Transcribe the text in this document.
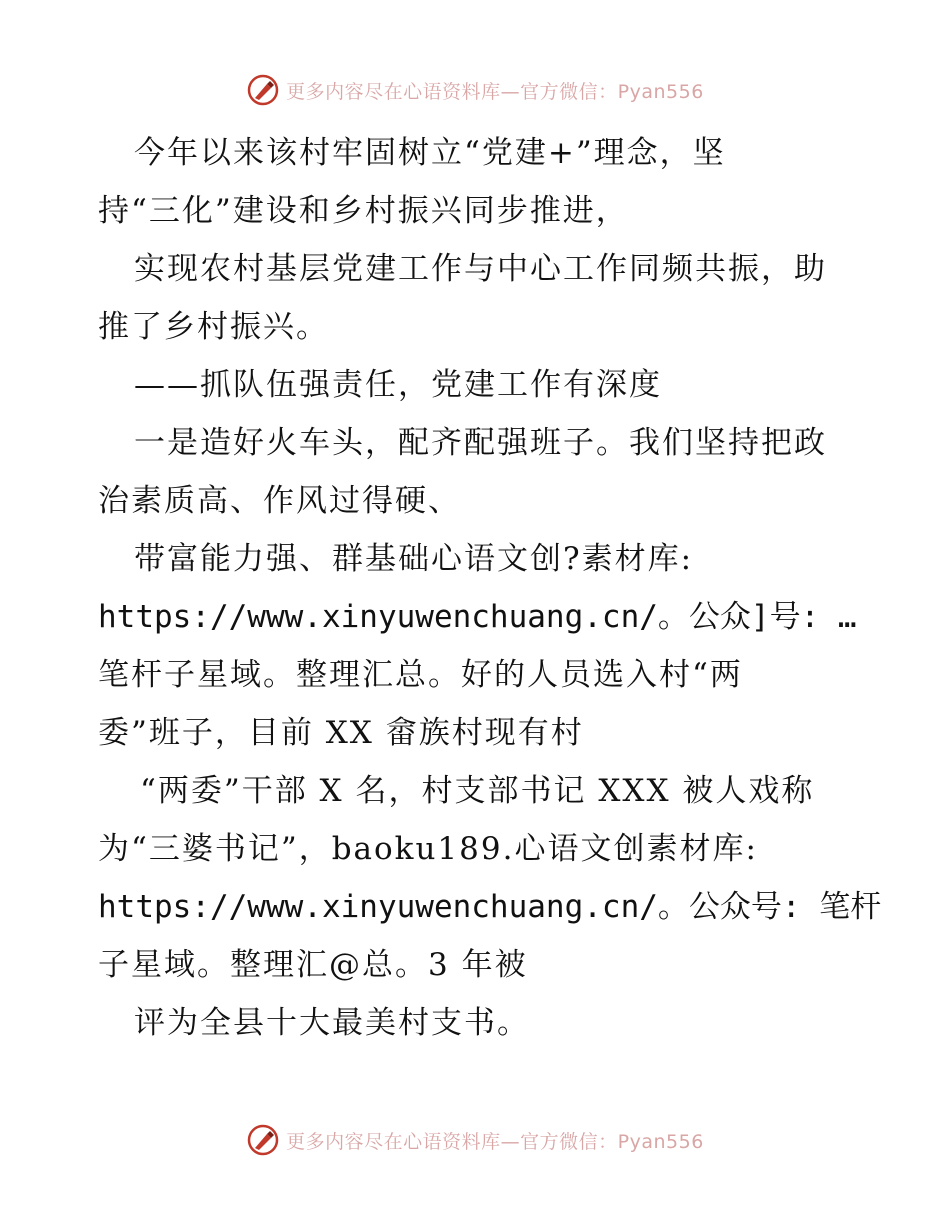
更多内容尽在心语资料库—官方微信：Pyan556
今年以来该村牢固树立“党建+”理念，坚
持“三化”建设和乡村振兴同步推进，
实现农村基层党建工作与中心工作同频共振，助
推了乡村振兴。
——抓队伍强责任，党建工作有深度
一是造好火车头，配齐配强班子。我们坚持把政
治素质高、作风过得硬、
带富能力强、群基础心语文创?素材库:
https://www.xinyuwenchuang.cn/。公众]号: …
笔杆子星域。整理汇总。好的人员选入村“两
委”班子，目前 XX 畲族村现有村
“两委”干部 X 名，村支部书记 XXX 被人戏称
为“三婆书记”，baoku189.心语文创素材库:
https://www.xinyuwenchuang.cn/。公众号: 笔杆
子星域。整理汇@总。3 年被
评为全县十大最美村支书。
更多内容尽在心语资料库—官方微信：Pyan556
